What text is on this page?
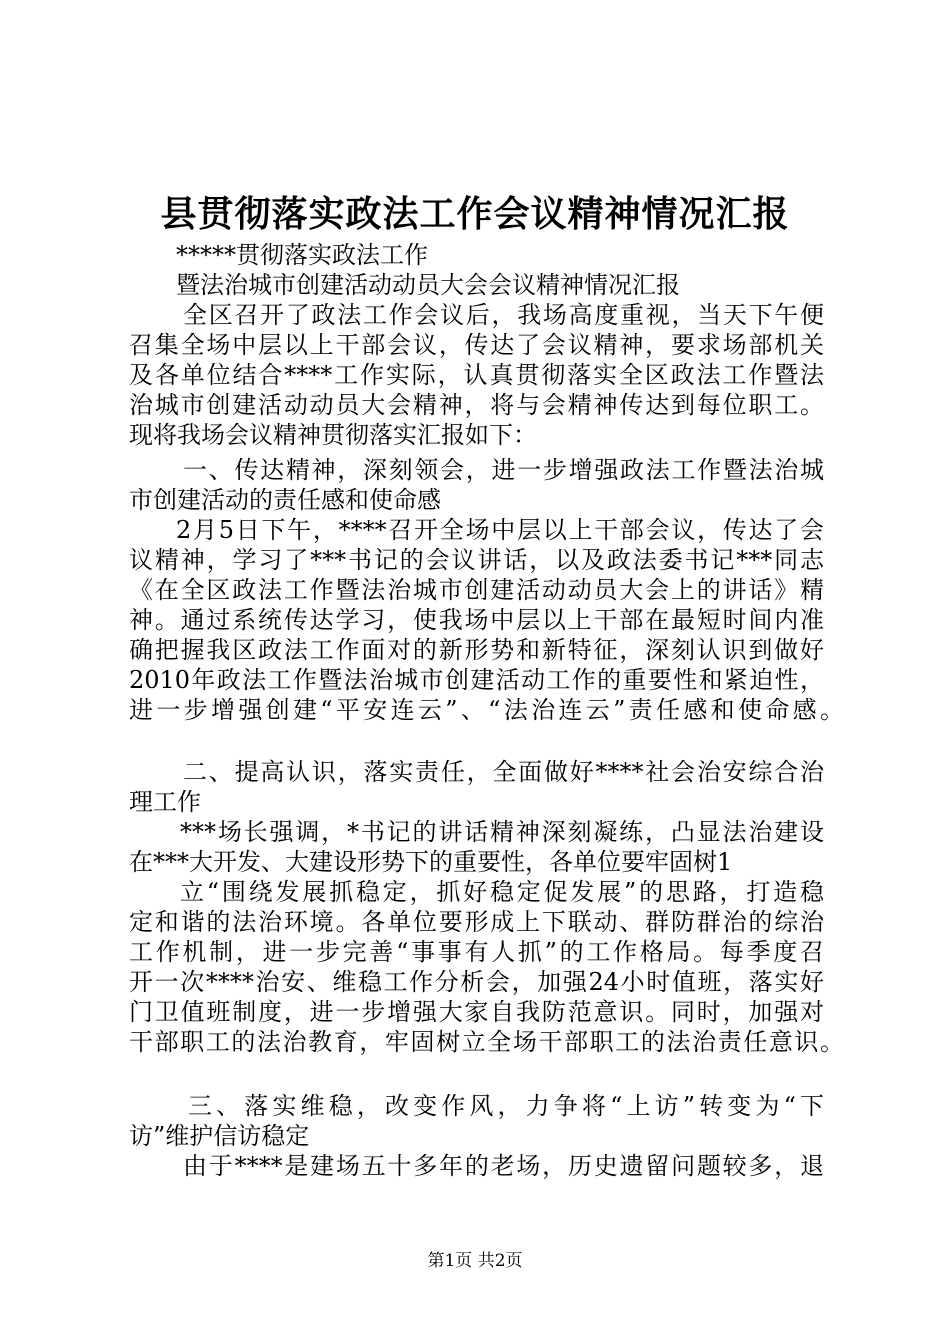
县贯彻落实政法工作会议精神情况汇报
*****贯彻落实政法工作
暨法治城市创建活动动员大会会议精神情况汇报
全区召开了政法工作会议后，我场高度重视，当天下午便
召集全场中层以上干部会议，传达了会议精神，要求场部机关
及各单位结合****工作实际，认真贯彻落实全区政法工作暨法
治城市创建活动动员大会精神，将与会精神传达到每位职工。
现将我场会议精神贯彻落实汇报如下：
一、传达精神，深刻领会，进一步增强政法工作暨法治城
市创建活动的责任感和使命感
2月5日下午，****召开全场中层以上干部会议，传达了会
议精神，学习了***书记的会议讲话，以及政法委书记***同志
《在全区政法工作暨法治城市创建活动动员大会上的讲话》精
神。通过系统传达学习，使我场中层以上干部在最短时间内准
确把握我区政法工作面对的新形势和新特征，深刻认识到做好
2010年政法工作暨法治城市创建活动工作的重要性和紧迫性，
进一步增强创建“平安连云”、“法治连云”责任感和使命感。
二、提高认识，落实责任，全面做好****社会治安综合治
理工作
***场长强调，*书记的讲话精神深刻凝练，凸显法治建设
在***大开发、大建设形势下的重要性，各单位要牢固树1
立“围绕发展抓稳定，抓好稳定促发展”的思路，打造稳
定和谐的法治环境。各单位要形成上下联动、群防群治的综治
工作机制，进一步完善“事事有人抓”的工作格局。每季度召
开一次****治安、维稳工作分析会，加强24小时值班，落实好
门卫值班制度，进一步增强大家自我防范意识。同时，加强对
干部职工的法治教育，牢固树立全场干部职工的法治责任意识。
三、落实维稳，改变作风，力争将“上访”转变为“下
访”维护信访稳定
由于****是建场五十多年的老场，历史遗留问题较多，退
第1页 共2页
